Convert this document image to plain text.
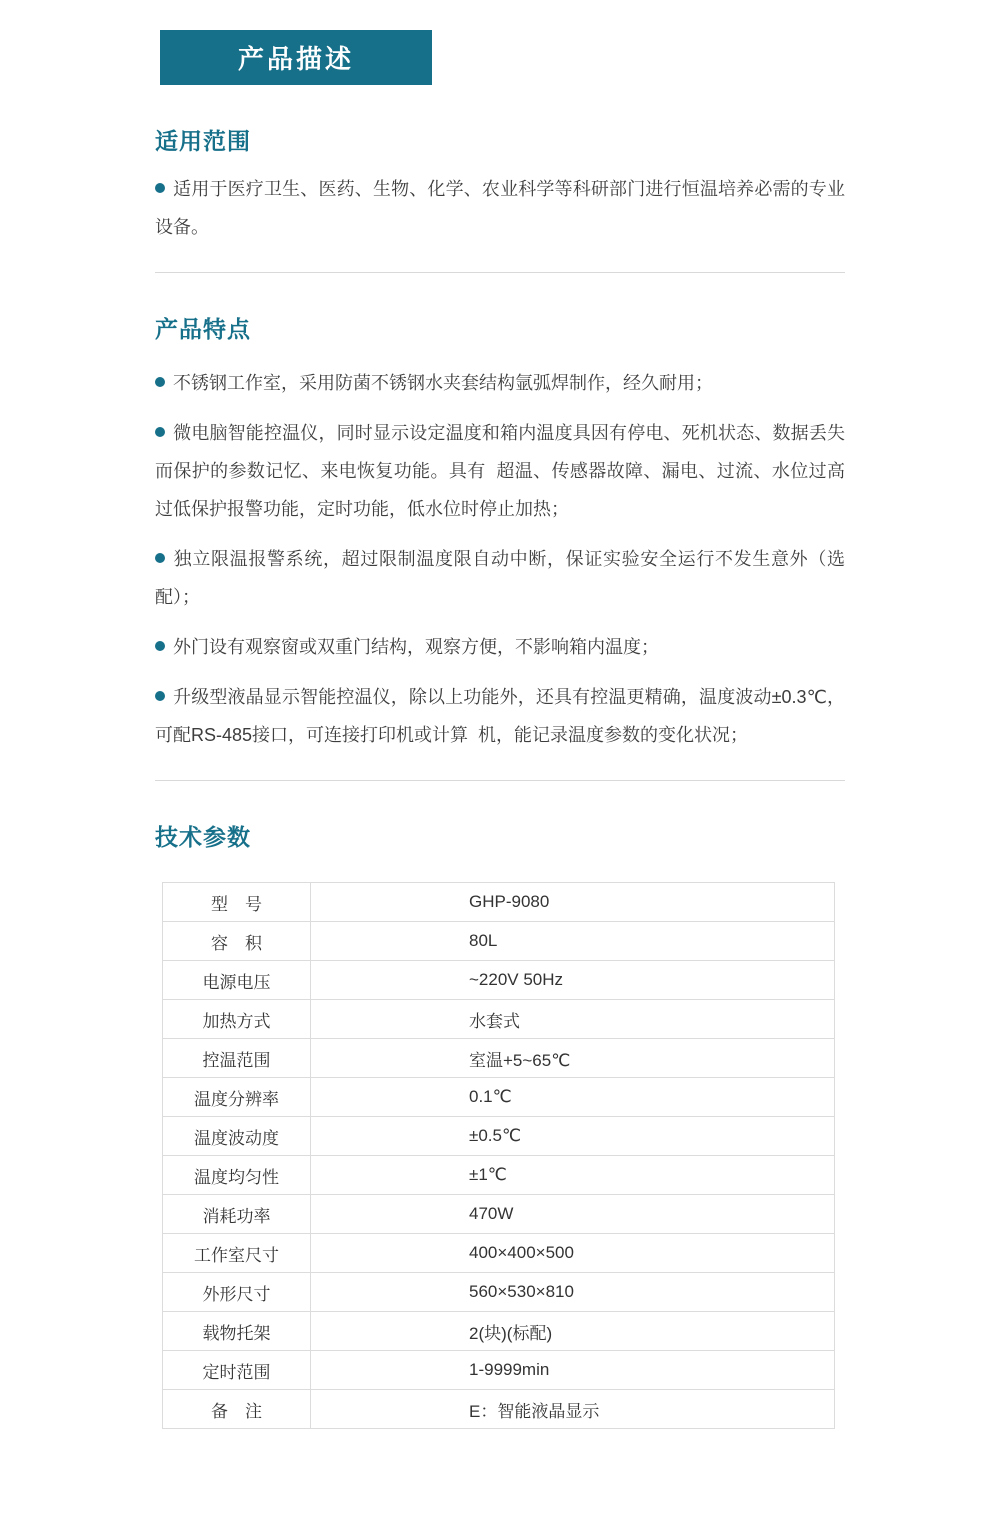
产品描述
适用范围

适用于医疗卫生、医药、生物、化学、农业科学等科研部门进行恒温培养必需的专业设备。

产品特点

不锈钢工作室，采用防菌不锈钢水夹套结构氩弧焊制作，经久耐用；

微电脑智能控温仪，同时显示设定温度和箱内温度具因有停电、死机状态、数据丢失而保护的参数记忆、来电恢复功能。具有  超温、传感器故障、漏电、过流、水位过高过低保护报警功能，定时功能，低水位时停止加热；

独立限温报警系统，超过限制温度限自动中断，保证实验安全运行不发生意外（选配）；

外门设有观察窗或双重门结构，观察方便，不影响箱内温度；

升级型液晶显示智能控温仪，除以上功能外，还具有控温更精确，温度波动±0.3℃，可配RS-485接口，可连接打印机或计算  机，能记录温度参数的变化状况；

技术参数
型　号	GHP-9080
容　积	80L
电源电压	~220V 50Hz
加热方式	水套式
控温范围	室温+5~65℃
温度分辨率	0.1℃
温度波动度	±0.5℃
温度均匀性	±1℃
消耗功率	470W
工作室尺寸	400×400×500
外形尺寸	560×530×810
载物托架	2(块)(标配)
定时范围	1-9999min
备　注	E：智能液晶显示
